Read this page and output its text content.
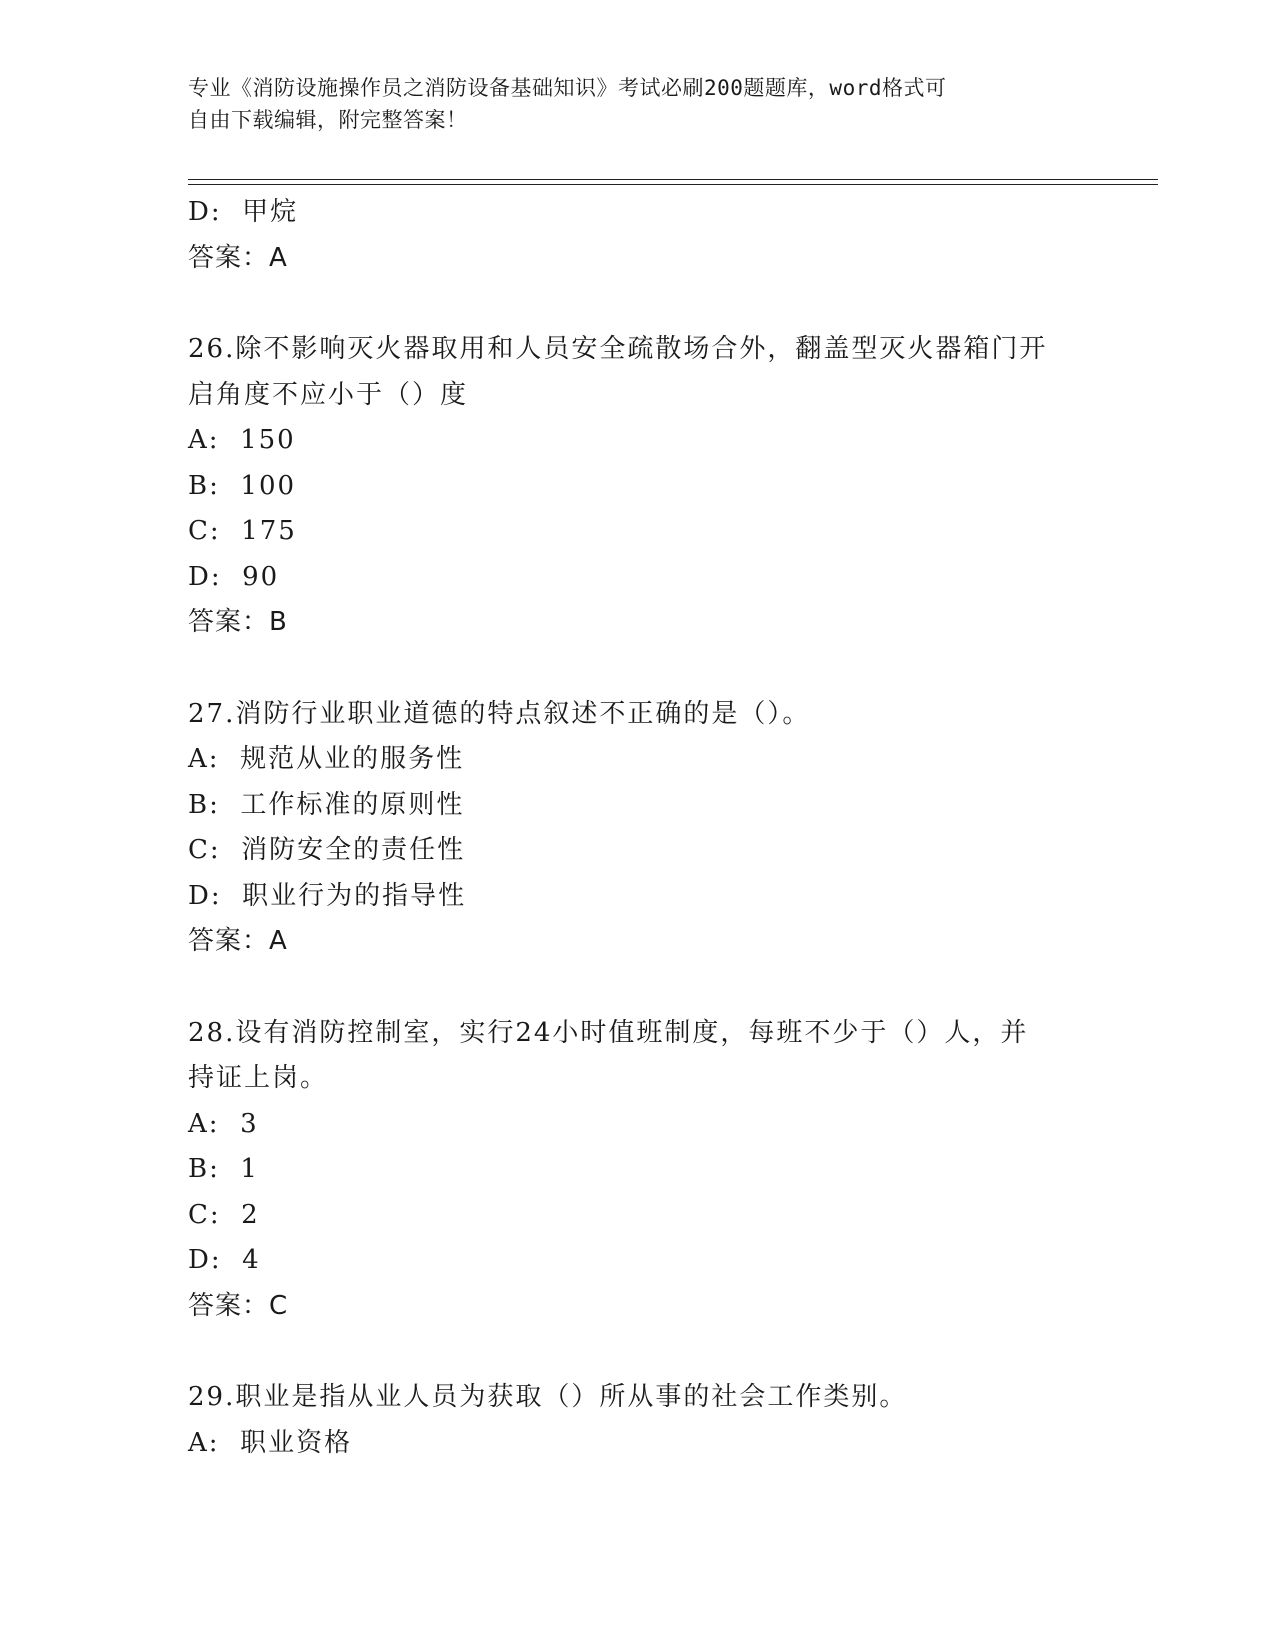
专业《消防设施操作员之消防设备基础知识》考试必刷200题题库，word格式可
自由下载编辑，附完整答案！
D:  甲烷
答案：A
26.除不影响灭火器取用和人员安全疏散场合外，翻盖型灭火器箱门开
启角度不应小于（）度
A:  150
B:  100
C:  175
D:  90
答案：B
27.消防行业职业道德的特点叙述不正确的是（）。
A:  规范从业的服务性
B:  工作标准的原则性
C:  消防安全的责任性
D:  职业行为的指导性
答案：A
28.设有消防控制室，实行24小时值班制度，每班不少于（）人，并
持证上岗。
A:  3
B:  1
C:  2
D:  4
答案：C
29.职业是指从业人员为获取（）所从事的社会工作类别。
A:  职业资格
